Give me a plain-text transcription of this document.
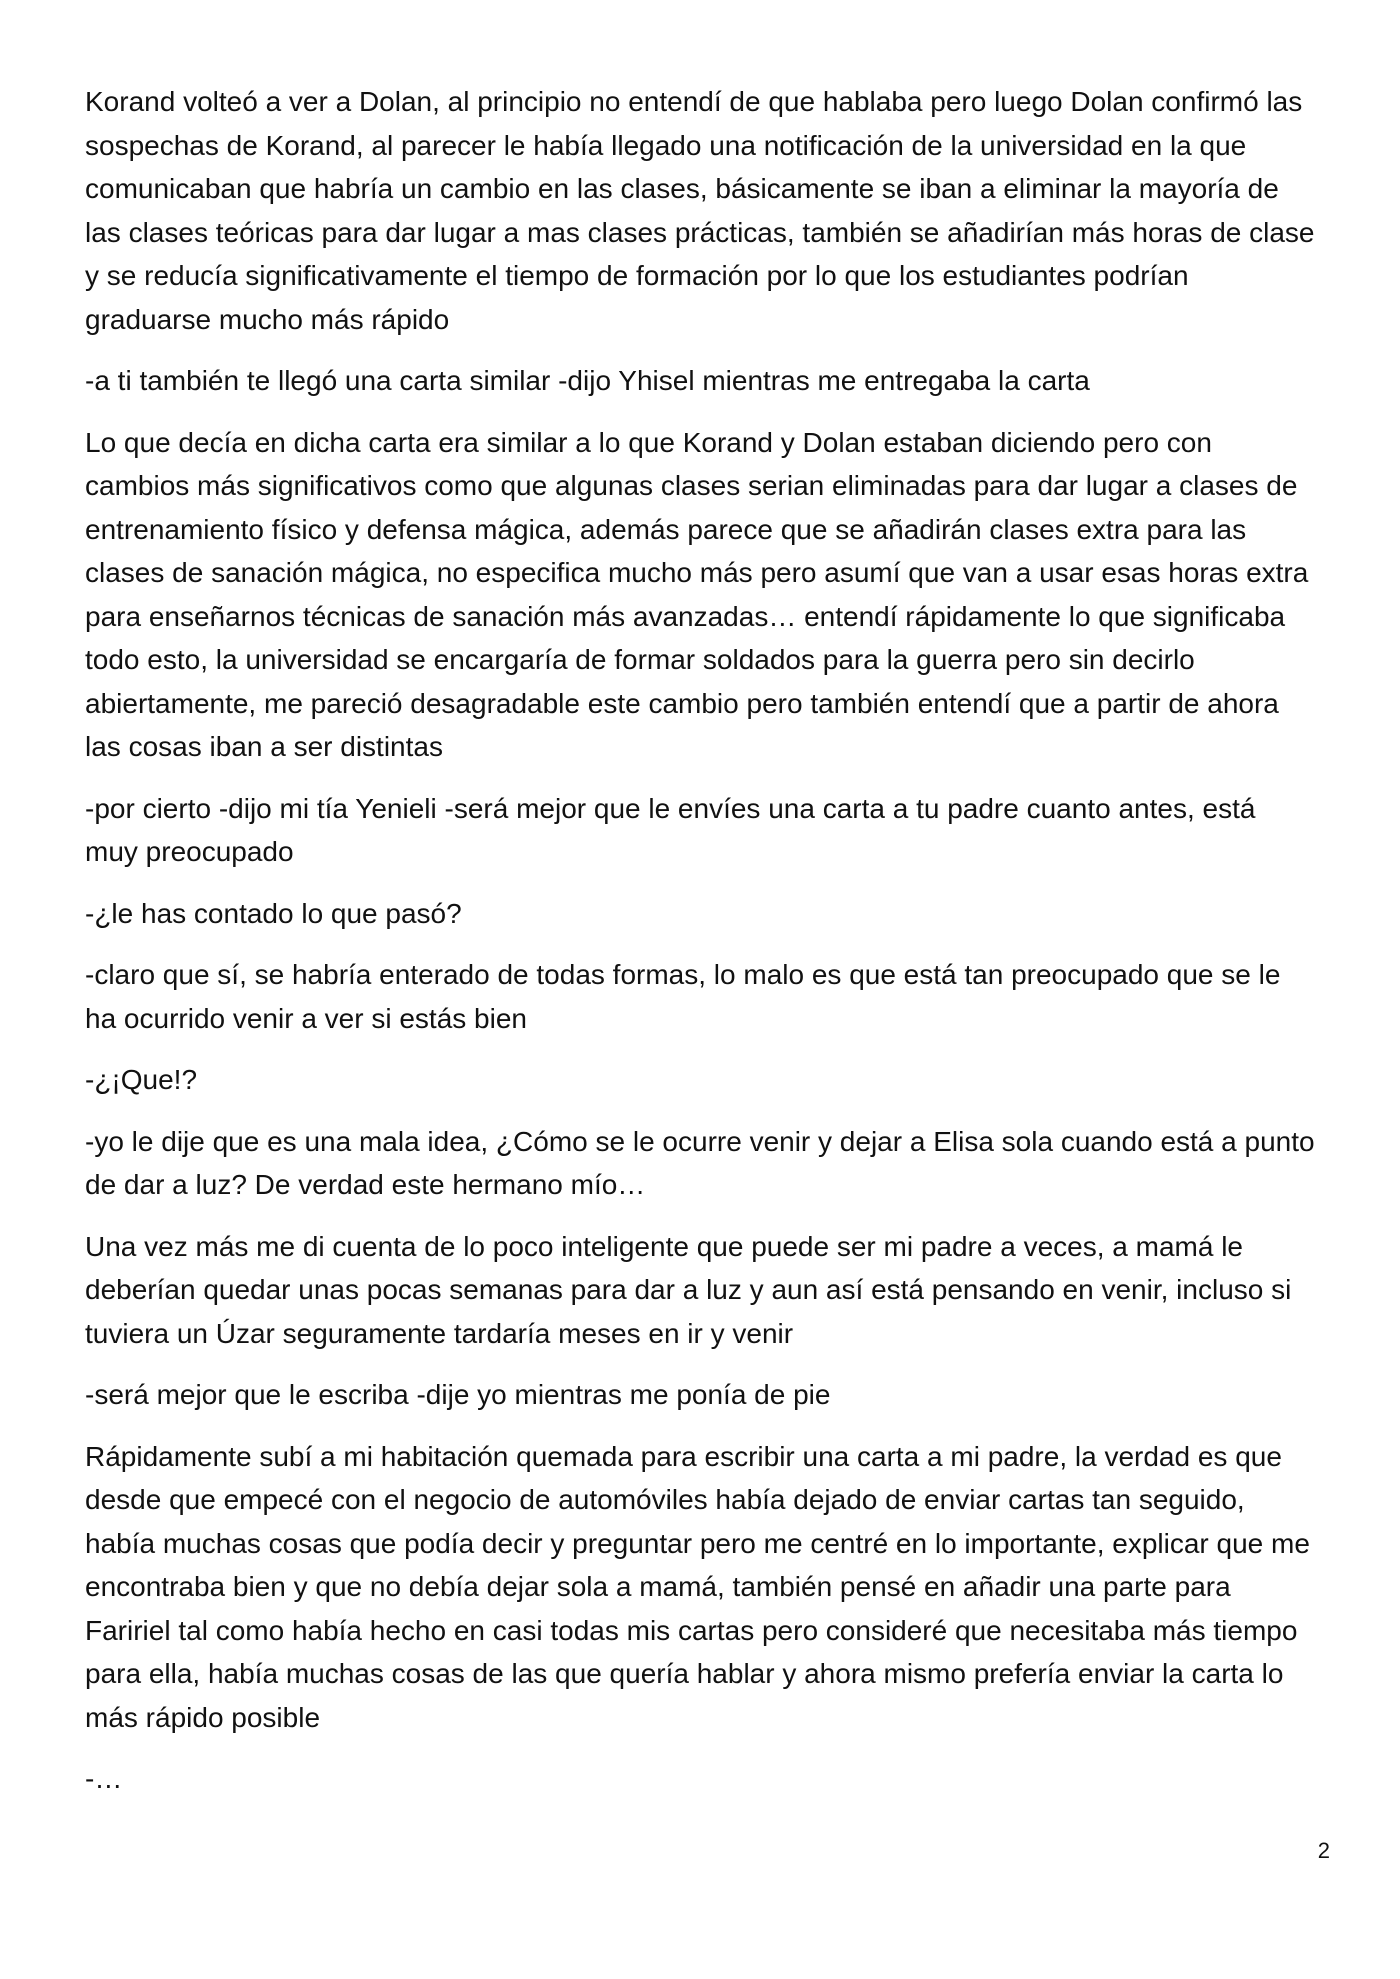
Korand volteó a ver a Dolan, al principio no entendí de que hablaba pero luego Dolan confirmó las sospechas de Korand, al parecer le había llegado una notificación de la universidad en la que comunicaban que habría un cambio en las clases, básicamente se iban a eliminar la mayoría de las clases teóricas para dar lugar a mas clases prácticas, también se añadirían más horas de clase y se reducía significativamente el tiempo de formación por lo que los estudiantes podrían graduarse mucho más rápido

-a ti también te llegó una carta similar -dijo Yhisel mientras me entregaba la carta

Lo que decía en dicha carta era similar a lo que Korand y Dolan estaban diciendo pero con cambios más significativos como que algunas clases serian eliminadas para dar lugar a clases de entrenamiento físico y defensa mágica, además parece que se añadirán clases extra para las clases de sanación mágica, no especifica mucho más pero asumí que van a usar esas horas extra para enseñarnos técnicas de sanación más avanzadas… entendí rápidamente lo que significaba todo esto, la universidad se encargaría de formar soldados para la guerra pero sin decirlo abiertamente, me pareció desagradable este cambio pero también entendí que a partir de ahora las cosas iban a ser distintas

-por cierto -dijo mi tía Yenieli -será mejor que le envíes una carta a tu padre cuanto antes, está muy preocupado

-¿le has contado lo que pasó?

-claro que sí, se habría enterado de todas formas, lo malo es que está tan preocupado que se le ha ocurrido venir a ver si estás bien

-¿¡Que!?

-yo le dije que es una mala idea, ¿Cómo se le ocurre venir y dejar a Elisa sola cuando está a punto de dar a luz? De verdad este hermano mío…

Una vez más me di cuenta de lo poco inteligente que puede ser mi padre a veces, a mamá le deberían quedar unas pocas semanas para dar a luz y aun así está pensando en venir, incluso si tuviera un Úzar seguramente tardaría meses en ir y venir

-será mejor que le escriba -dije yo mientras me ponía de pie

Rápidamente subí a mi habitación quemada para escribir una carta a mi padre, la verdad es que desde que empecé con el negocio de automóviles había dejado de enviar cartas tan seguido, había muchas cosas que podía decir y preguntar pero me centré en lo importante, explicar que me encontraba bien y que no debía dejar sola a mamá, también pensé en añadir una parte para Faririel tal como había hecho en casi todas mis cartas pero consideré que necesitaba más tiempo para ella, había muchas cosas de las que quería hablar y ahora mismo prefería enviar la carta lo más rápido posible

-…

2
